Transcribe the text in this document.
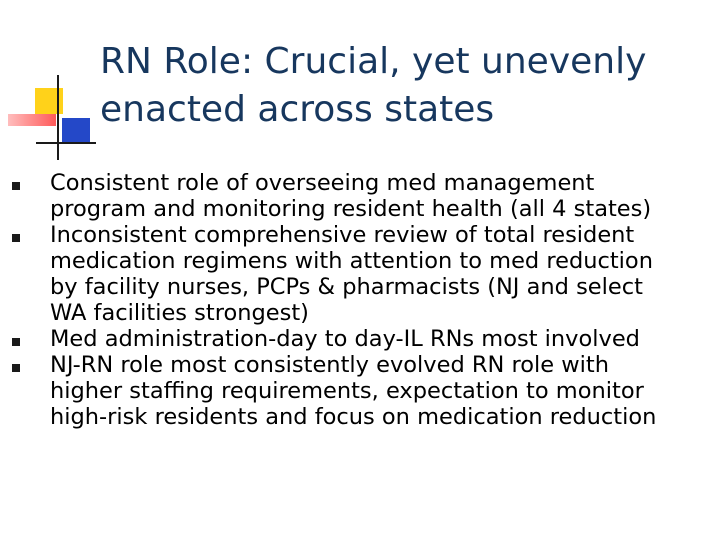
RN Role: Crucial, yet unevenly
enacted across states
Consistent role of overseeing med management
program and monitoring resident health (all 4 states)
Inconsistent comprehensive review of total resident
medication regimens with attention to med reduction
by facility nurses, PCPs & pharmacists (NJ and select
WA facilities strongest)
Med administration-day to day-IL RNs most involved
NJ-RN role most consistently evolved RN role with
higher staffing requirements, expectation to monitor
high-risk residents and focus on medication reduction
